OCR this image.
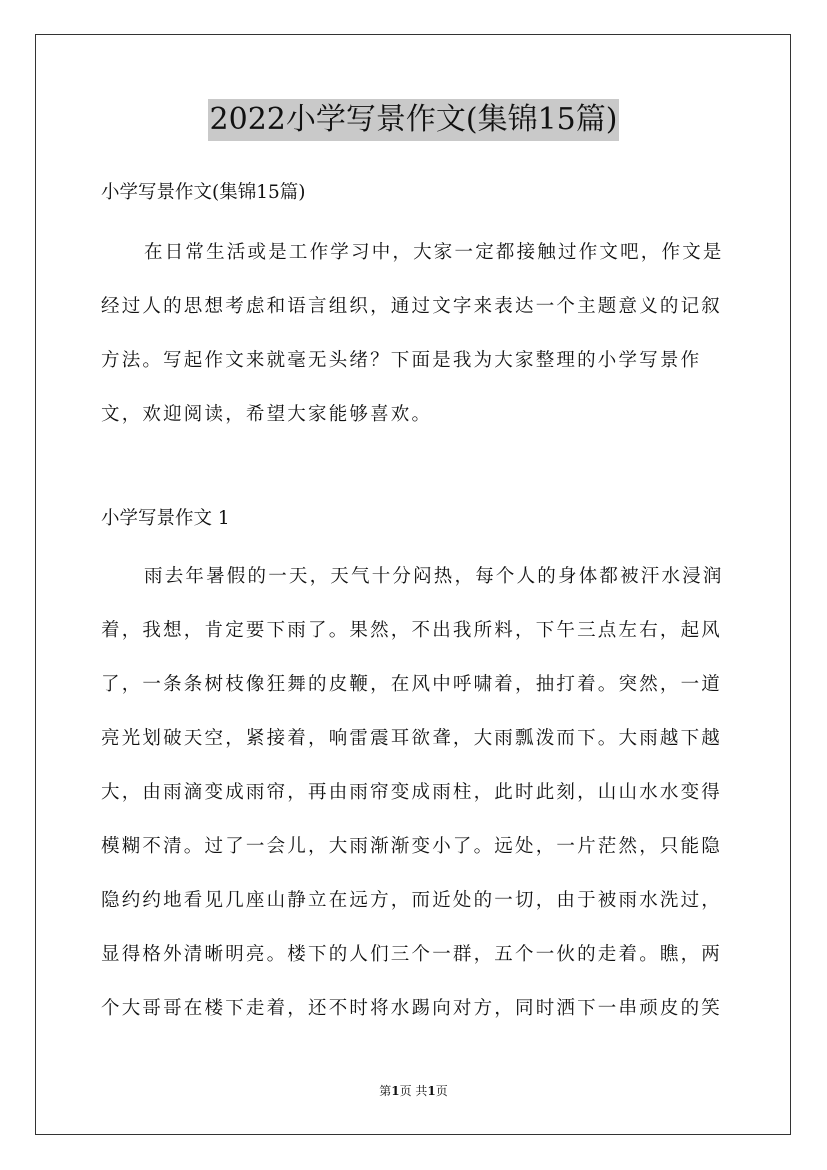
2022小学写景作文(集锦15篇)
小学写景作文(集锦15篇)
在日常生活或是工作学习中，大家一定都接触过作文吧，作文是经过人的思想考虑和语言组织，通过文字来表达一个主题意义的记叙方法。写起作文来就毫无头绪？下面是我为大家整理的小学写景作文，欢迎阅读，希望大家能够喜欢。
小学写景作文 1
雨去年暑假的一天，天气十分闷热，每个人的身体都被汗水浸润着，我想，肯定要下雨了。果然，不出我所料，下午三点左右，起风了，一条条树枝像狂舞的皮鞭，在风中呼啸着，抽打着。突然，一道亮光划破天空，紧接着，响雷震耳欲聋，大雨瓢泼而下。大雨越下越大，由雨滴变成雨帘，再由雨帘变成雨柱，此时此刻，山山水水变得模糊不清。过了一会儿，大雨渐渐变小了。远处，一片茫然，只能隐隐约约地看见几座山静立在远方，而近处的一切，由于被雨水洗过，显得格外清晰明亮。楼下的人们三个一群，五个一伙的走着。瞧，两个大哥哥在楼下走着，还不时将水踢向对方，同时洒下一串顽皮的笑
第1页 共1页
